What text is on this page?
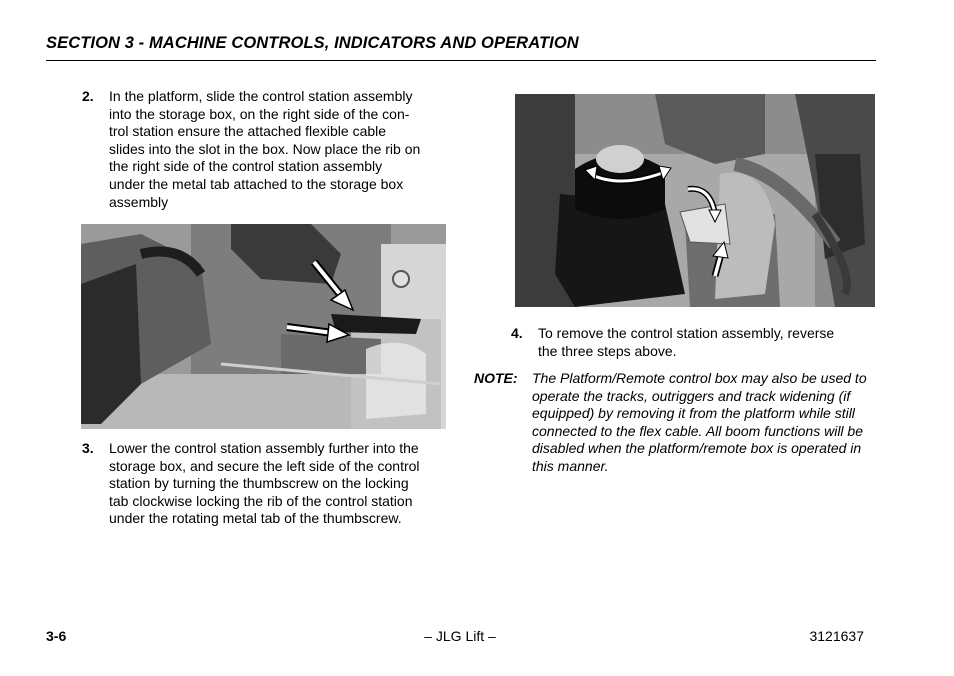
SECTION 3 - MACHINE CONTROLS, INDICATORS AND OPERATION
2. In the platform, slide the control station assembly
into the storage box, on the right side of the con-
trol station ensure the attached flexible cable
slides into the slot in the box. Now place the rib on
the right side of the control station assembly
under the metal tab attached to the storage box
assembly
3. Lower the control station assembly further into the
storage box, and secure the left side of the control
station by turning the thumbscrew on the locking
tab clockwise locking the rib of the control station
under the rotating metal tab of the thumbscrew.
4. To remove the control station assembly, reverse
the three steps above.
NOTE: The Platform/Remote control box may also be used to
operate the tracks, outriggers and track widening (if
equipped) by removing it from the platform while still
connected to the flex cable. All boom functions will be
disabled when the platform/remote box is operated in
this manner.
3-6	– JLG Lift –	3121637
